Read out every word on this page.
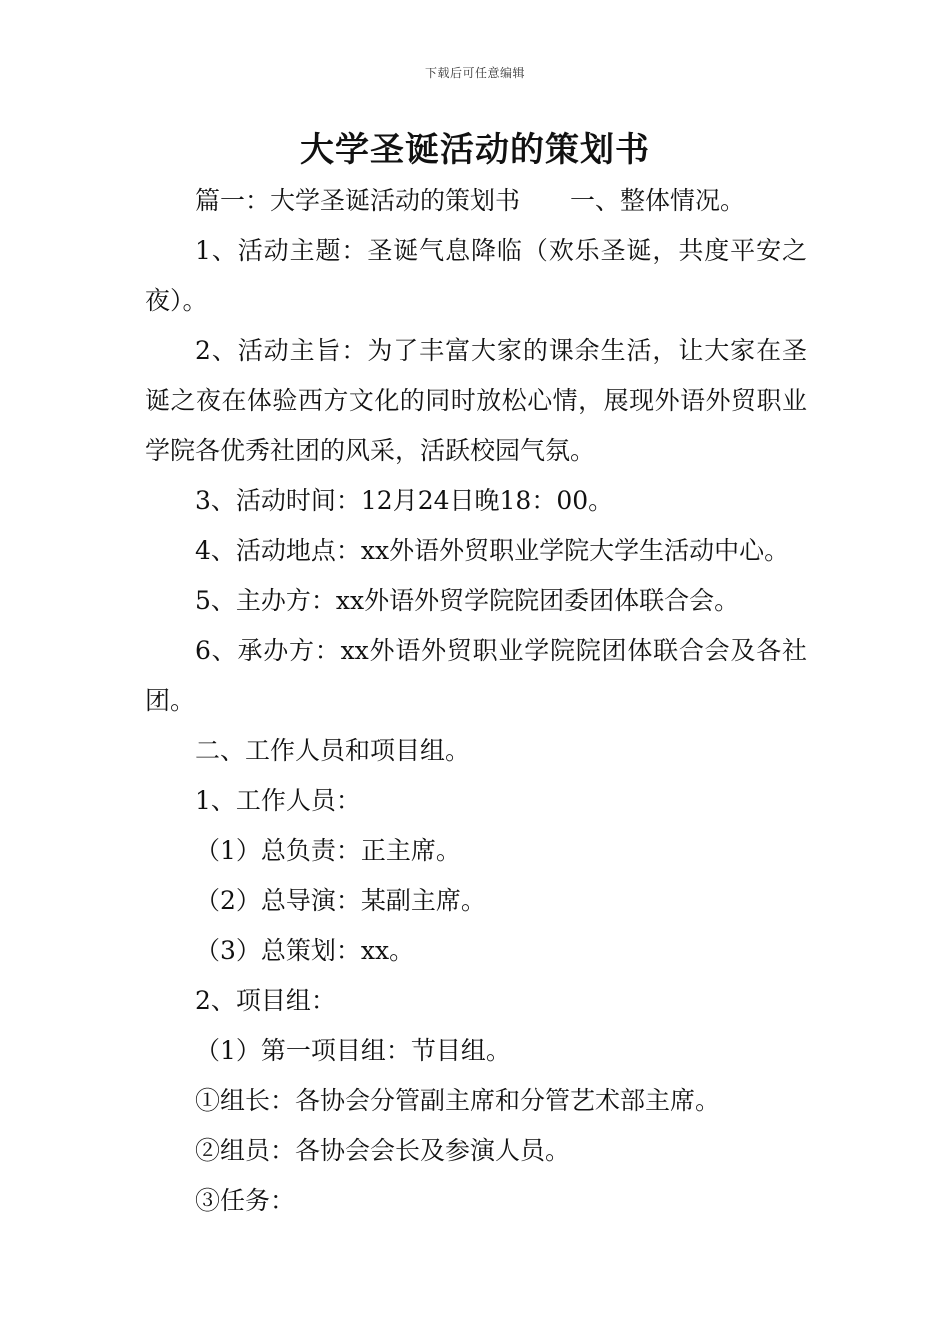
下载后可任意编辑
大学圣诞活动的策划书

篇一：大学圣诞活动的策划书　　一、整体情况。

1、活动主题：圣诞气息降临（欢乐圣诞，共度平安之夜）。

2、活动主旨：为了丰富大家的课余生活，让大家在圣诞之夜在体验西方文化的同时放松心情，展现外语外贸职业学院各优秀社团的风采，活跃校园气氛。

3、活动时间：12月24日晚18：00。

4、活动地点：xx外语外贸职业学院大学生活动中心。

5、主办方：xx外语外贸学院院团委团体联合会。

6、承办方：xx外语外贸职业学院院团体联合会及各社团。

二、工作人员和项目组。

1、工作人员：

（1）总负责：正主席。

（2）总导演：某副主席。

（3）总策划：xx。

2、项目组：

（1）第一项目组：节目组。

①组长：各协会分管副主席和分管艺术部主席。

②组员：各协会会长及参演人员。

③任务：
